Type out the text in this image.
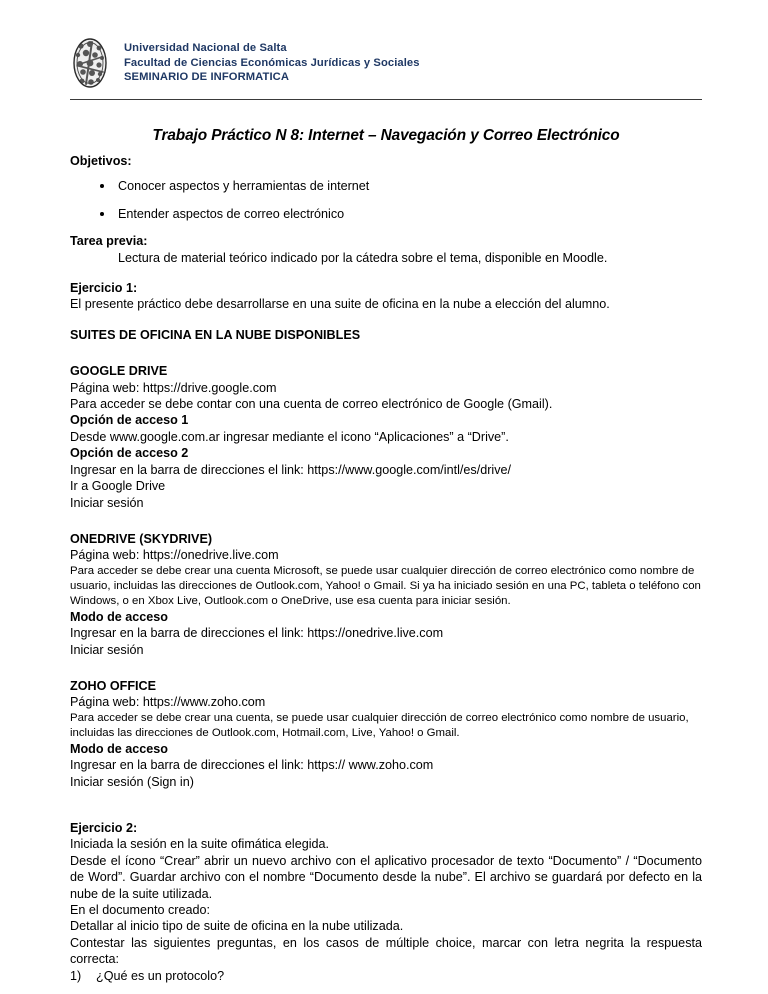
Universidad Nacional de Salta
Facultad de Ciencias Económicas Jurídicas y Sociales
SEMINARIO DE INFORMATICA
Trabajo Práctico N 8: Internet – Navegación y Correo Electrónico

Objetivos:

Conocer aspectos y herramientas de internet
Entender aspectos de correo electrónico

Tarea previa:

Lectura de material teórico indicado por la cátedra sobre el tema, disponible en Moodle.

Ejercicio 1:

El presente práctico debe desarrollarse en una suite de oficina en la nube a elección del alumno.

SUITES DE OFICINA EN LA NUBE DISPONIBLES

GOOGLE DRIVE

Página web: https://drive.google.com

Para acceder se debe contar con una cuenta de correo electrónico de Google (Gmail).

Opción de acceso 1

Desde www.google.com.ar ingresar mediante el icono “Aplicaciones” a “Drive”.

Opción de acceso 2

Ingresar en la barra de direcciones el link: https://www.google.com/intl/es/drive/

Ir a Google Drive

Iniciar sesión

ONEDRIVE (SKYDRIVE)

Página web: https://onedrive.live.com

Para acceder se debe crear una cuenta Microsoft, se puede usar cualquier dirección de correo electrónico como nombre de usuario, incluidas las direcciones de Outlook.com, Yahoo! o Gmail. Si ya ha iniciado sesión en una PC, tableta o teléfono con Windows, o en Xbox Live, Outlook.com o OneDrive, use esa cuenta para iniciar sesión.

Modo de acceso

Ingresar en la barra de direcciones el link: https://onedrive.live.com

Iniciar sesión

ZOHO OFFICE

Página web: https://www.zoho.com

Para acceder se debe crear una cuenta, se puede usar cualquier dirección de correo electrónico como nombre de usuario, incluidas las direcciones de Outlook.com, Hotmail.com, Live, Yahoo! o Gmail.

Modo de acceso

Ingresar en la barra de direcciones el link: https:// www.zoho.com

Iniciar sesión (Sign in)

Ejercicio 2:

Iniciada la sesión en la suite ofimática elegida.

Desde el ícono “Crear” abrir un nuevo archivo con el aplicativo procesador de texto “Documento” / “Documento de Word”. Guardar archivo con el nombre “Documento desde la nube”. El archivo se guardará por defecto en la nube de la suite utilizada.

En el documento creado:

Detallar al inicio tipo de suite de oficina en la nube utilizada.

Contestar las siguientes preguntas, en los casos de múltiple choice, marcar con letra negrita la respuesta correcta:

1)	¿Qué es un protocolo?
